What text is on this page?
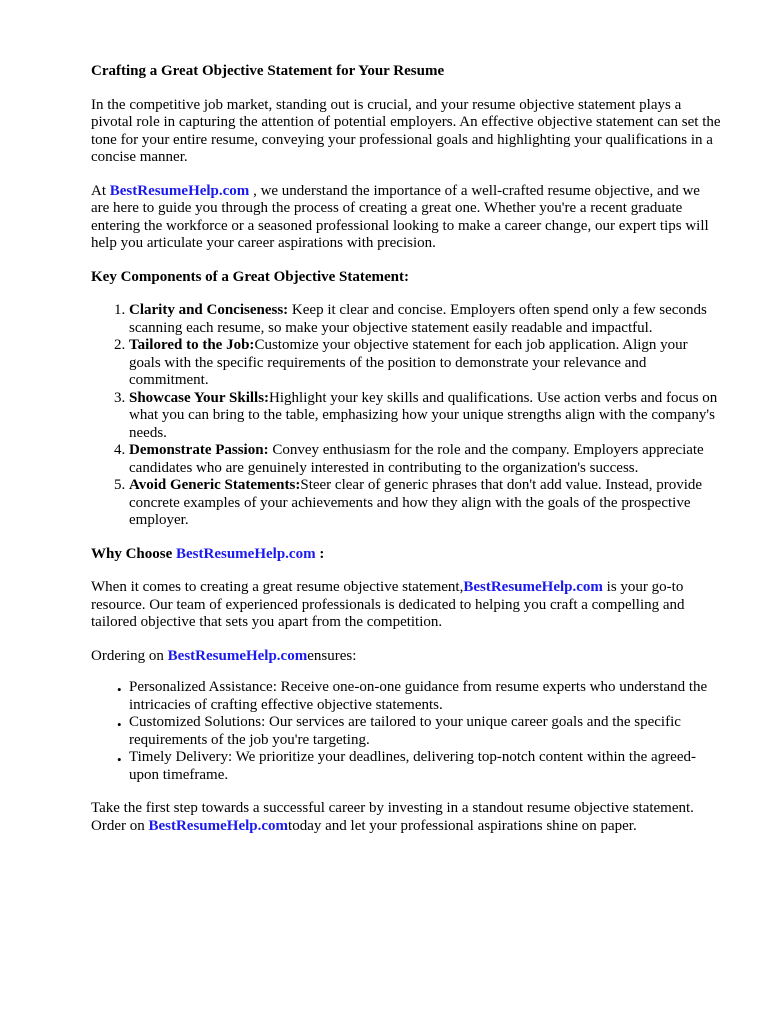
Crafting a Great Objective Statement for Your Resume

In the competitive job market, standing out is crucial, and your resume objective statement plays a pivotal role in capturing the attention of potential employers. An effective objective statement can set the tone for your entire resume, conveying your professional goals and highlighting your qualifications in a concise manner.

At BestResumeHelp.com , we understand the importance of a well-crafted resume objective, and we are here to guide you through the process of creating a great one. Whether you're a recent graduate entering the workforce or a seasoned professional looking to make a career change, our expert tips will help you articulate your career aspirations with precision.

Key Components of a Great Objective Statement:
1. Clarity and Conciseness: Keep it clear and concise. Employers often spend only a few seconds scanning each resume, so make your objective statement easily readable and impactful.
2. Tailored to the Job:Customize your objective statement for each job application. Align your goals with the specific requirements of the position to demonstrate your relevance and commitment.
3. Showcase Your Skills:Highlight your key skills and qualifications. Use action verbs and focus on what you can bring to the table, emphasizing how your unique strengths align with the company's needs.
4. Demonstrate Passion: Convey enthusiasm for the role and the company. Employers appreciate candidates who are genuinely interested in contributing to the organization's success.
5. Avoid Generic Statements:Steer clear of generic phrases that don't add value. Instead, provide concrete examples of your achievements and how they align with the goals of the prospective employer.
Why Choose BestResumeHelp.com :

When it comes to creating a great resume objective statement,BestResumeHelp.com is your go-to resource. Our team of experienced professionals is dedicated to helping you craft a compelling and tailored objective that sets you apart from the competition.

Ordering on BestResumeHelp.comensures:

• Personalized Assistance: Receive one-on-one guidance from resume experts who understand the intricacies of crafting effective objective statements.
• Customized Solutions: Our services are tailored to your unique career goals and the specific requirements of the job you're targeting.
• Timely Delivery: We prioritize your deadlines, delivering top-notch content within the agreed-upon timeframe.

Take the first step towards a successful career by investing in a standout resume objective statement. Order on BestResumeHelp.comtoday and let your professional aspirations shine on paper.
